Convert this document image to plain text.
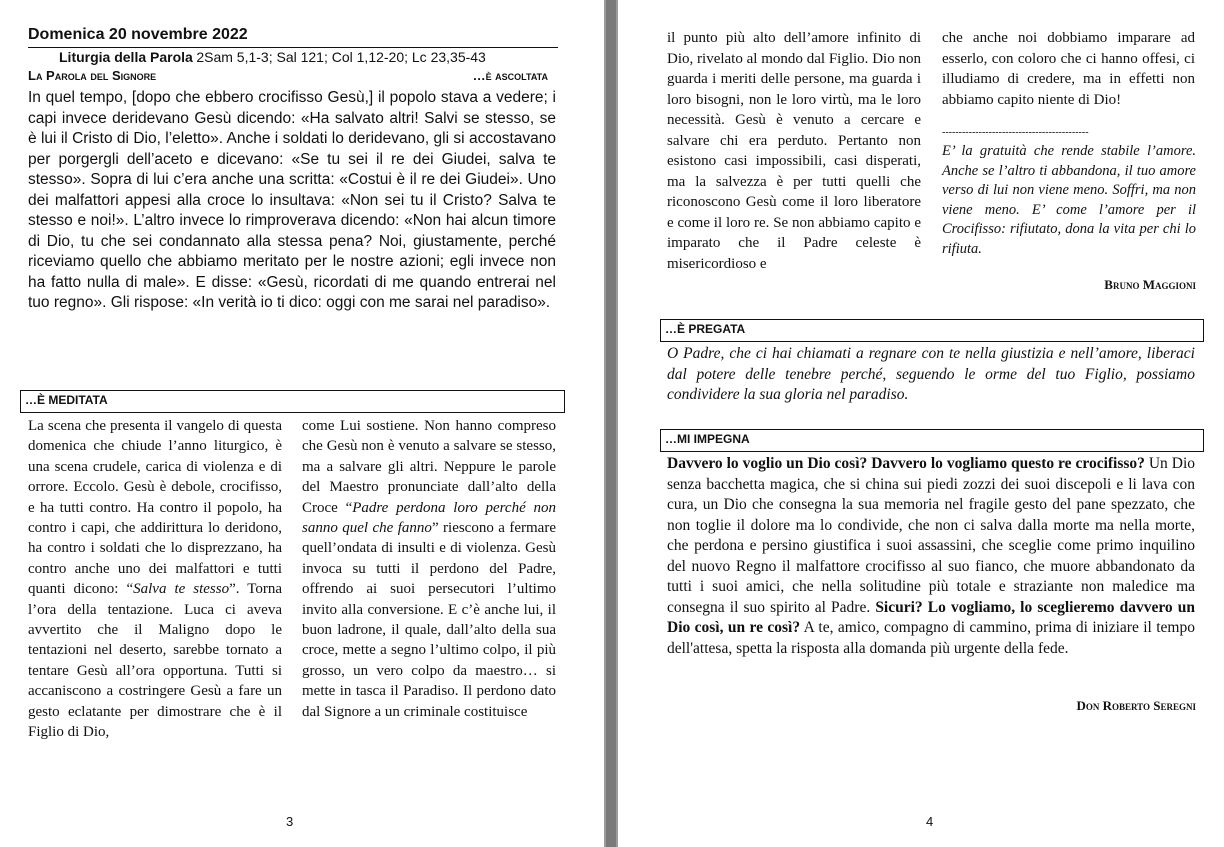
Domenica 20 novembre 2022
Liturgia della Parola 2Sam 5,1-3; Sal 121; Col 1,12-20; Lc 23,35-43
La Parola del Signore	…è ascoltata
In quel tempo, [dopo che ebbero crocifisso Gesù,] il popolo stava a vedere; i capi invece deridevano Gesù dicendo: «Ha salvato altri! Salvi se stesso, se è lui il Cristo di Dio, l’eletto». Anche i soldati lo deridevano, gli si accostavano per porgergli dell’aceto e dicevano: «Se tu sei il re dei Giudei, salva te stesso». Sopra di lui c’era anche una scritta: «Costui è il re dei Giudei». Uno dei malfattori appesi alla croce lo insultava: «Non sei tu il Cristo? Salva te stesso e noi!». L’altro invece lo rimproverava dicendo: «Non hai alcun timore di Dio, tu che sei condannato alla stessa pena? Noi, giustamente, perché riceviamo quello che abbiamo meritato per le nostre azioni; egli invece non ha fatto nulla di male». E disse: «Gesù, ricordati di me quando entrerai nel tuo regno». Gli rispose: «In verità io ti dico: oggi con me sarai nel paradiso».
…È MEDITATA
La scena che presenta il vangelo di questa domenica che chiude l’anno liturgico, è una scena crudele, carica di violenza e di orrore. Eccolo. Gesù è debole, crocifisso, e ha tutti contro. Ha contro il popolo, ha contro i capi, che addirittura lo deridono, ha contro i soldati che lo disprezzano, ha contro anche uno dei malfattori e tutti quanti dicono: “Salva te stesso”. Torna l’ora della tentazione. Luca ci aveva avvertito che il Maligno dopo le tentazioni nel deserto, sarebbe tornato a tentare Gesù all’ora opportuna. Tutti si accaniscono a costringere Gesù a fare un gesto eclatante per dimostrare che è il Figlio di Dio,
come Lui sostiene. Non hanno compreso che Gesù non è venuto a salvare se stesso, ma a salvare gli altri. Neppure le parole del Maestro pronunciate dall’alto della Croce “Padre perdona loro perché non sanno quel che fanno” riescono a fermare quell’ondata di insulti e di violenza. Gesù invoca su tutti il perdono del Padre, offrendo ai suoi persecutori l’ultimo invito alla conversione. E c’è anche lui, il buon ladrone, il quale, dall’alto della sua croce, mette a segno l’ultimo colpo, il più grosso, un vero colpo da maestro… si mette in tasca il Paradiso. Il perdono dato dal Signore a un criminale costituisce
3
il punto più alto dell’amore infinito di Dio, rivelato al mondo dal Figlio. Dio non guarda i meriti delle persone, ma guarda i loro bisogni, non le loro virtù, ma le loro necessità. Gesù è venuto a cercare e salvare chi era perduto. Pertanto non esistono casi impossibili, casi disperati, ma la salvezza è per tutti quelli che riconoscono Gesù come il loro liberatore e come il loro re. Se non abbiamo capito e imparato che il Padre celeste è misericordioso e
che anche noi dobbiamo imparare ad esserlo, con coloro che ci hanno offesi, ci illudiamo di credere, ma in effetti non abbiamo capito niente di Dio!
--------------------------------------------
E’ la gratuità che rende stabile l’amore. Anche se l’altro ti abbandona, il tuo amore verso di lui non viene meno. Soffri, ma non viene meno. E’ come l’amore per il Crocifisso: rifiutato, dona la vita per chi lo rifiuta.
Bruno Maggioni
…È PREGATA
O Padre, che ci hai chiamati a regnare con te nella giustizia e nell’amore, liberaci dal potere delle tenebre perché, seguendo le orme del tuo Figlio, possiamo condividere la sua gloria nel paradiso.
…MI IMPEGNA
Davvero lo voglio un Dio così? Davvero lo vogliamo questo re crocifisso? Un Dio senza bacchetta magica, che si china sui piedi zozzi dei suoi discepoli e li lava con cura, un Dio che consegna la sua memoria nel fragile gesto del pane spezzato, che non toglie il dolore ma lo condivide, che non ci salva dalla morte ma nella morte, che perdona e persino giustifica i suoi assassini, che sceglie come primo inquilino del nuovo Regno il malfattore crocifisso al suo fianco, che muore abbandonato da tutti i suoi amici, che nella solitudine più totale e straziante non maledice ma consegna il suo spirito al Padre. Sicuri? Lo vogliamo, lo sceglieremo davvero un Dio così, un re così? A te, amico, compagno di cammino, prima di iniziare il tempo dell'attesa, spetta la risposta alla domanda più urgente della fede.
Don Roberto Seregni
4
